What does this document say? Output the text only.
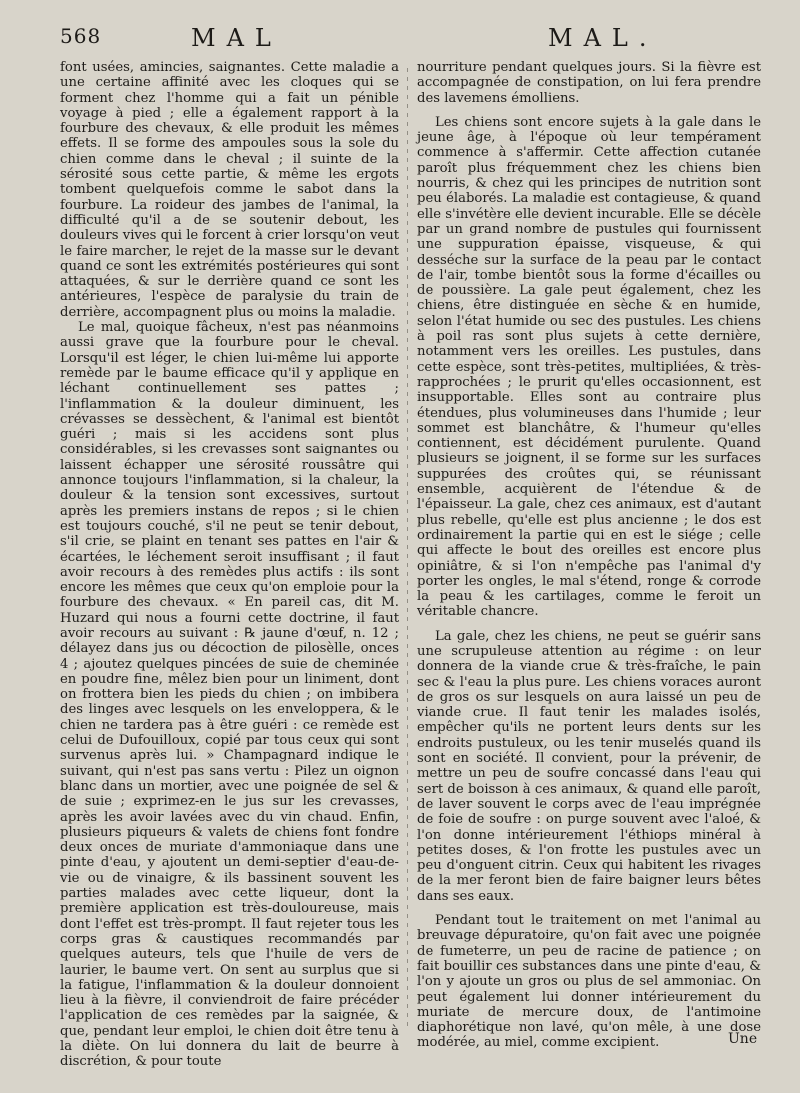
568	MAL	MAL.

font usées, amincies, saignantes. Cette maladie a une certaine affinité avec les cloques qui se forment chez l'homme qui a fait un pénible voyage à pied ; elle a également rapport à la fourbure des chevaux, & elle produit les mêmes effets. Il se forme des ampoules sous la sole du chien comme dans le cheval ; il suinte de la sérosité sous cette partie, & même les ergots tombent quelquefois comme le sabot dans la fourbure. La roideur des jambes de l'animal, la difficulté qu'il a de se soutenir debout, les douleurs vives qui le forcent à crier lorsqu'on veut le faire marcher, le rejet de la masse sur le devant quand ce sont les extrémités postérieures qui sont attaquées, & sur le derrière quand ce sont les antérieures, l'espèce de paralysie du train de derrière, accompagnent plus ou moins la maladie.

Le mal, quoique fâcheux, n'est pas néanmoins aussi grave que la fourbure pour le cheval. Lorsqu'il est léger, le chien lui-même lui apporte remède par le baume efficace qu'il y applique en léchant continuellement ses pattes ; l'inflammation & la douleur diminuent, les crévasses se dessèchent, & l'animal est bientôt guéri ; mais si les accidens sont plus considérables, si les crevasses sont saignantes ou laissent échapper une sérosité roussâtre qui annonce toujours l'inflammation, si la chaleur, la douleur & la tension sont excessives, surtout après les premiers instans de repos ; si le chien est toujours couché, s'il ne peut se tenir debout, s'il crie, se plaint en tenant ses pattes en l'air & écartées, le léchement seroit insuffisant ; il faut avoir recours à des remèdes plus actifs : ils sont encore les mêmes que ceux qu'on emploie pour la fourbure des chevaux. « En pareil cas, dit M. Huzard qui nous a fourni cette doctrine, il faut avoir recours au suivant : ℞ jaune d'œuf, n. 12 ; délayez dans jus ou décoction de pilosèlle, onces 4 ; ajoutez quelques pincées de suie de cheminée en poudre fine, mêlez bien pour un liniment, dont on frottera bien les pieds du chien ; on imbibera des linges avec lesquels on les enveloppera, & le chien ne tardera pas à être guéri : ce remède est celui de Dufouilloux, copié par tous ceux qui sont survenus après lui. » Champagnard indique le suivant, qui n'est pas sans vertu : Pilez un oignon blanc dans un mortier, avec une poignée de sel & de suie ; exprimez-en le jus sur les crevasses, après les avoir lavées avec du vin chaud. Enfin, plusieurs piqueurs & valets de chiens font fondre deux onces de muriate d'ammoniaque dans une pinte d'eau, y ajoutent un demi-septier d'eau-de-vie ou de vinaigre, & ils bassinent souvent les parties malades avec cette liqueur, dont la première application est très-douloureuse, mais dont l'effet est très-prompt. Il faut rejeter tous les corps gras & caustiques recommandés par quelques auteurs, tels que l'huile de vers de laurier, le baume vert. On sent au surplus que si la fatigue, l'inflammation & la douleur donnoient lieu à la fièvre, il conviendroit de faire précéder l'application de ces remèdes par la saignée, & que, pendant leur emploi, le chien doit être tenu à la diète. On lui donnera du lait de beurre à discrétion, & pour toute

nourriture pendant quelques jours. Si la fièvre est accompagnée de constipation, on lui fera prendre des lavemens émolliens.

Les chiens sont encore sujets à la gale dans le jeune âge, à l'époque où leur tempérament commence à s'affermir. Cette affection cutanée paroît plus fréquemment chez les chiens bien nourris, & chez qui les principes de nutrition sont peu élaborés. La maladie est contagieuse, & quand elle s'invétère elle devient incurable. Elle se décèle par un grand nombre de pustules qui fournissent une suppuration épaisse, visqueuse, & qui desséche sur la surface de la peau par le contact de l'air, tombe bientôt sous la forme d'écailles ou de poussière. La gale peut également, chez les chiens, être distinguée en sèche & en humide, selon l'état humide ou sec des pustules. Les chiens à poil ras sont plus sujets à cette dernière, notamment vers les oreilles. Les pustules, dans cette espèce, sont très-petites, multipliées, & très-rapprochées ; le prurit qu'elles occasionnent, est insupportable. Elles sont au contraire plus étendues, plus volumineuses dans l'humide ; leur sommet est blanchâtre, & l'humeur qu'elles contiennent, est décidément purulente. Quand plusieurs se joignent, il se forme sur les surfaces suppurées des croûtes qui, se réunissant ensemble, acquièrent de l'étendue & de l'épaisseur. La gale, chez ces animaux, est d'autant plus rebelle, qu'elle est plus ancienne ; le dos est ordinairement la partie qui en est le siége ; celle qui affecte le bout des oreilles est encore plus opiniâtre, & si l'on n'empêche pas l'animal d'y porter les ongles, le mal s'étend, ronge & corrode la peau & les cartilages, comme le feroit un véritable chancre.

La gale, chez les chiens, ne peut se guérir sans une scrupuleuse attention au régime : on leur donnera de la viande crue & très-fraîche, le pain sec & l'eau la plus pure. Les chiens voraces auront de gros os sur lesquels on aura laissé un peu de viande crue. Il faut tenir les malades isolés, empêcher qu'ils ne portent leurs dents sur les endroits pustuleux, ou les tenir muselés quand ils sont en société. Il convient, pour la prévenir, de mettre un peu de soufre concassé dans l'eau qui sert de boisson à ces animaux, & quand elle paroît, de laver souvent le corps avec de l'eau imprégnée de foie de soufre : on purge souvent avec l'aloé, & l'on donne intérieurement l'éthiops minéral à petites doses, & l'on frotte les pustules avec un peu d'onguent citrin. Ceux qui habitent les rivages de la mer feront bien de faire baigner leurs bêtes dans ses eaux.

Pendant tout le traitement on met l'animal au breuvage dépuratoire, qu'on fait avec une poignée de fumeterre, un peu de racine de patience ; on fait bouillir ces substances dans une pinte d'eau, & l'on y ajoute un gros ou plus de sel ammoniac. On peut également lui donner intérieurement du muriate de mercure doux, de l'antimoine diaphorétique non lavé, qu'on mêle, à une dose modérée, au miel, comme excipient.	Une
